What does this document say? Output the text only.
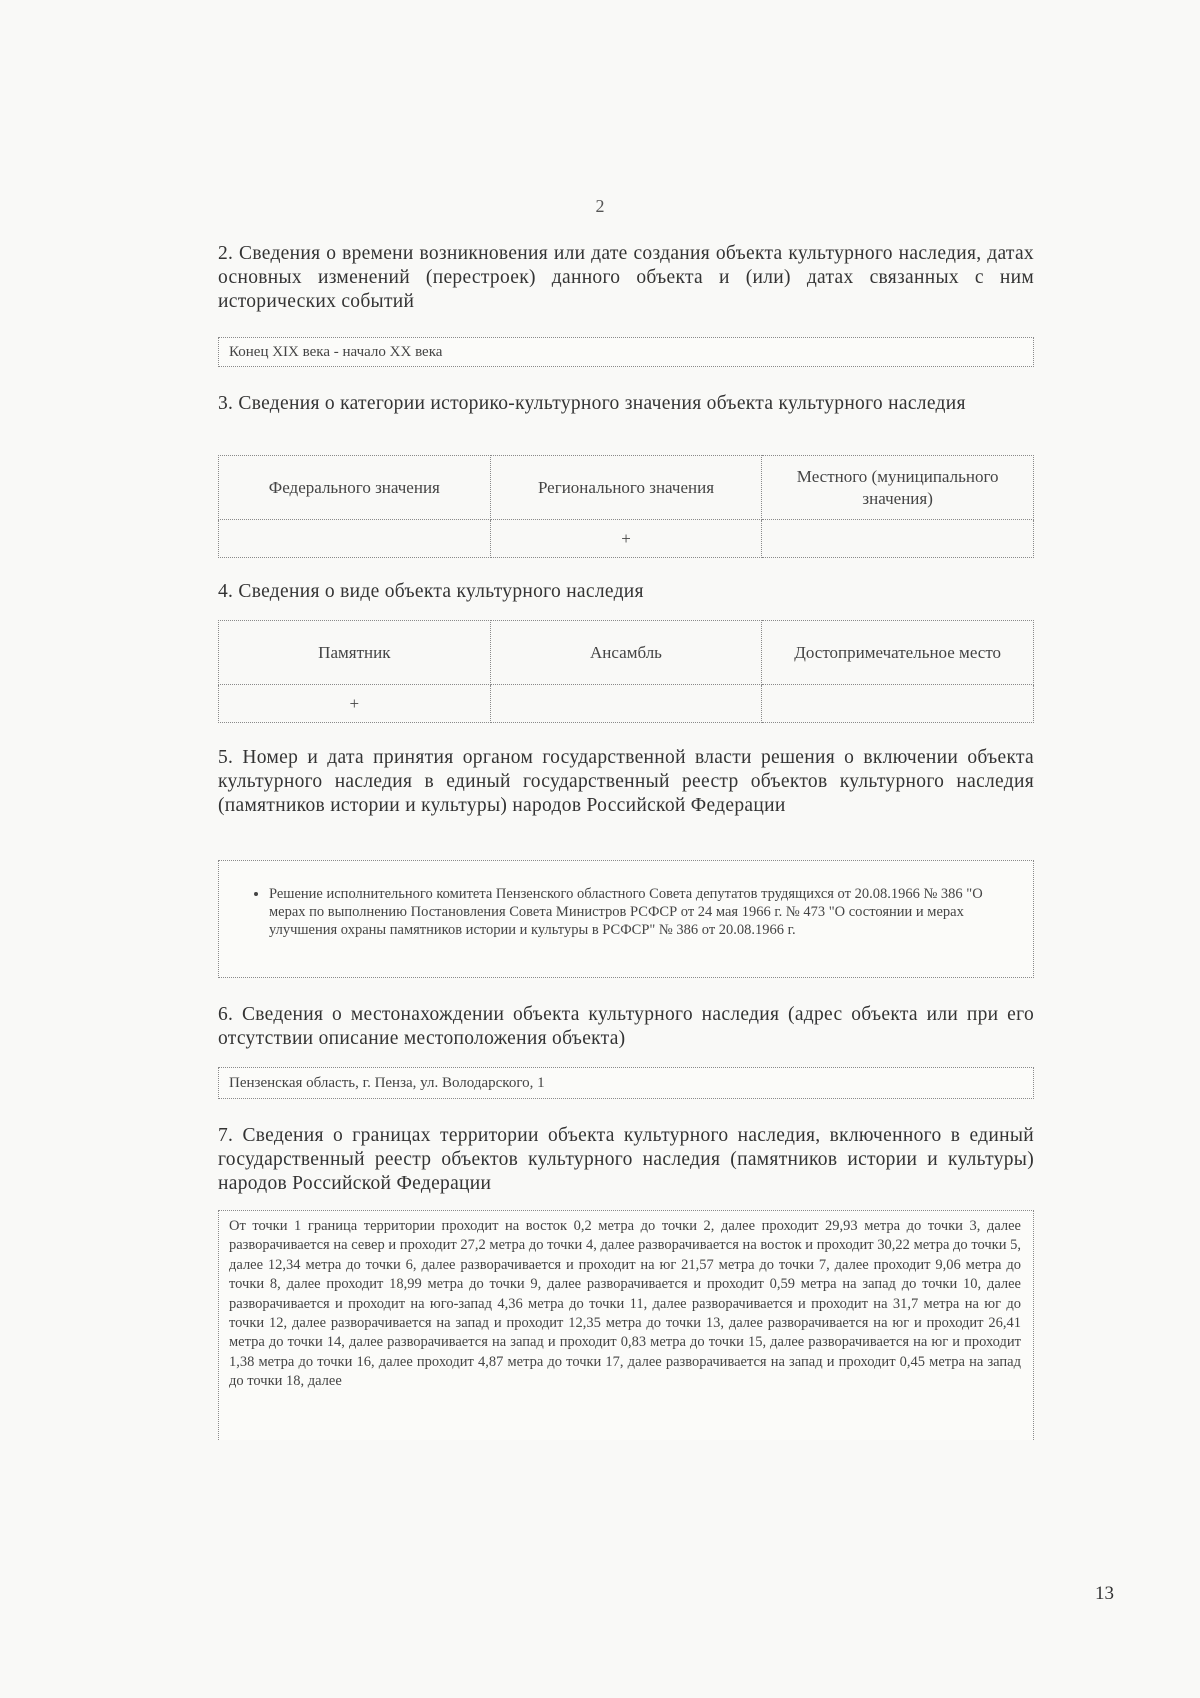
2

2. Сведения о времени возникновения или дате создания объекта культурного наследия, датах основных изменений (перестроек) данного объекта и (или) датах связанных с ним исторических событий

Конец XIX века - начало XX века

3. Сведения о категории историко-культурного значения объекта культурного наследия

Федерального значения	Регионального значения	Местного (муниципального значения)
	+	

4. Сведения о виде объекта культурного наследия

Памятник	Ансамбль	Достопримечательное место
+		

5. Номер и дата принятия органом государственной власти решения о включении объекта культурного наследия в единый государственный реестр объектов культурного наследия (памятников истории и культуры) народов Российской Федерации

• Решение исполнительного комитета Пензенского областного Совета депутатов трудящихся от 20.08.1966 № 386 "О мерах по выполнению Постановления Совета Министров РСФСР от 24 мая 1966 г. № 473 "О состоянии и мерах улучшения охраны памятников истории и культуры в РСФСР" № 386 от 20.08.1966 г.

6. Сведения о местонахождении объекта культурного наследия (адрес объекта или при его отсутствии описание местоположения объекта)

Пензенская область, г. Пенза, ул. Володарского, 1

7. Сведения о границах территории объекта культурного наследия, включенного в единый государственный реестр объектов культурного наследия (памятников истории и культуры) народов Российской Федерации

От точки 1 граница территории проходит на восток 0,2 метра до точки 2, далее проходит 29,93 метра до точки 3, далее разворачивается на север и проходит 27,2 метра до точки 4, далее разворачивается на восток и проходит 30,22 метра до точки 5, далее 12,34 метра до точки 6, далее разворачивается и проходит на юг 21,57 метра до точки 7, далее проходит 9,06 метра до точки 8, далее проходит 18,99 метра до точки 9, далее разворачивается и проходит 0,59 метра на запад до точки 10, далее разворачивается и проходит на юго-запад 4,36 метра до точки 11, далее разворачивается и проходит на 31,7 метра на юг до точки 12, далее разворачивается на запад и проходит 12,35 метра до точки 13, далее разворачивается на юг и проходит 26,41 метра до точки 14, далее разворачивается на запад и проходит 0,83 метра до точки 15, далее разворачивается на юг и проходит 1,38 метра до точки 16, далее проходит 4,87 метра до точки 17, далее разворачивается на запад и проходит 0,45 метра на запад до точки 18, далее
13
